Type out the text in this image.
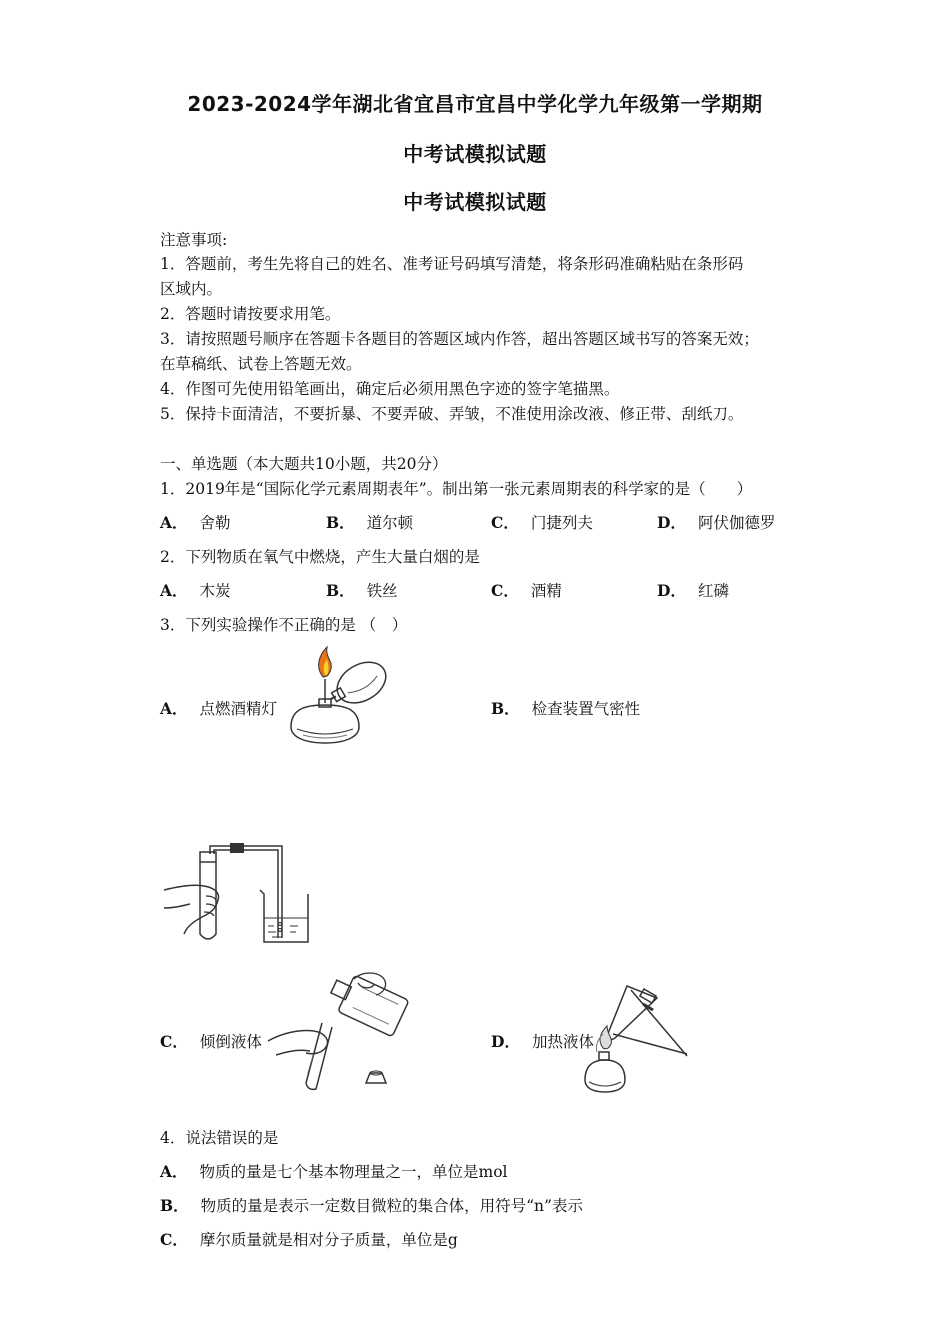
2023-2024学年湖北省宜昌市宜昌中学化学九年级第一学期期
中考试模拟试题
中考试模拟试题
注意事项:
1．答题前，考生先将自己的姓名、准考证号码填写清楚，将条形码准确粘贴在条形码
区域内。
2．答题时请按要求用笔。
3．请按照题号顺序在答题卡各题目的答题区域内作答，超出答题区域书写的答案无效；
在草稿纸、试卷上答题无效。
4．作图可先使用铅笔画出，确定后必须用黑色字迹的签字笔描黑。
5．保持卡面清洁，不要折暴、不要弄破、弄皱，不准使用涂改液、修正带、刮纸刀。
一、单选题（本大题共10小题，共20分）
1．2019年是“国际化学元素周期表年”。制出第一张元素周期表的科学家的是（　　）
A． 舍勒	B． 道尔顿	C． 门捷列夫	D． 阿伏伽德罗
2．下列物质在氧气中燃烧，产生大量白烟的是
A． 木炭	B． 铁丝	C． 酒精	D． 红磷
3．下列实验操作不正确的是 （　）
A． 点燃酒精灯	B． 检查装置气密性
C． 倾倒液体	D． 加热液体
4．说法错误的是
A． 物质的量是七个基本物理量之一，单位是mol
B． 物质的量是表示一定数目微粒的集合体，用符号“n”表示
C． 摩尔质量就是相对分子质量，单位是g
